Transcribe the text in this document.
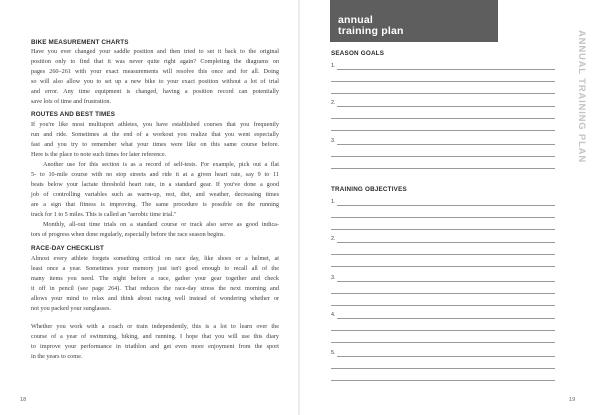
BIKE MEASUREMENT CHARTS
Have you ever changed your saddle position and then tried to set it back to the original
position only to find that it was never quite right again? Completing the diagrams on
pages 260–261 with your exact measurements will resolve this once and for all. Doing
so will also allow you to set up a new bike to your exact position without a lot of trial
and error. Any time equipment is changed, having a position record can potentially
save lots of time and frustration.
ROUTES AND BEST TIMES
If you're like most multisport athletes, you have established courses that you frequently
run and ride. Sometimes at the end of a workout you realize that you went especially
fast and you try to remember what your times were like on this same course before.
Here is the place to note such times for later reference.
Another use for this section is as a record of self-tests. For example, pick out a flat
5- to 10-mile course with no stop streets and ride it at a given heart rate, say 9 to 11
beats below your lactate threshold heart rate, in a standard gear. If you've done a good
job of controlling variables such as warm-up, rest, diet, and weather, decreasing times
are a sign that fitness is improving. The same procedure is possible on the running
track for 1 to 5 miles. This is called an "aerobic time trial."
Monthly, all-out time trials on a standard course or track also serve as good indica-
tors of progress when done regularly, especially before the race season begins.
RACE-DAY CHECKLIST
Almost every athlete forgets something critical on race day, like shoes or a helmet, at
least once a year. Sometimes your memory just isn't good enough to recall all of the
many items you need. The night before a race, gather your gear together and check
it off in pencil (see page 264). That reduces the race-day stress the next morning and
allows your mind to relax and think about racing well instead of wondering whether or
not you packed your sunglasses.
Whether you work with a coach or train independently, this is a lot to learn over the
course of a year of swimming, biking, and running. I hope that you will use this diary
to improve your performance in triathlon and get even more enjoyment from the sport
in the years to come.
18
annual
training plan	ANNUAL TRAINING PLAN
SEASON GOALS
1.
2.
3.
TRAINING OBJECTIVES
1.
2.
3.
4.
5.
19
